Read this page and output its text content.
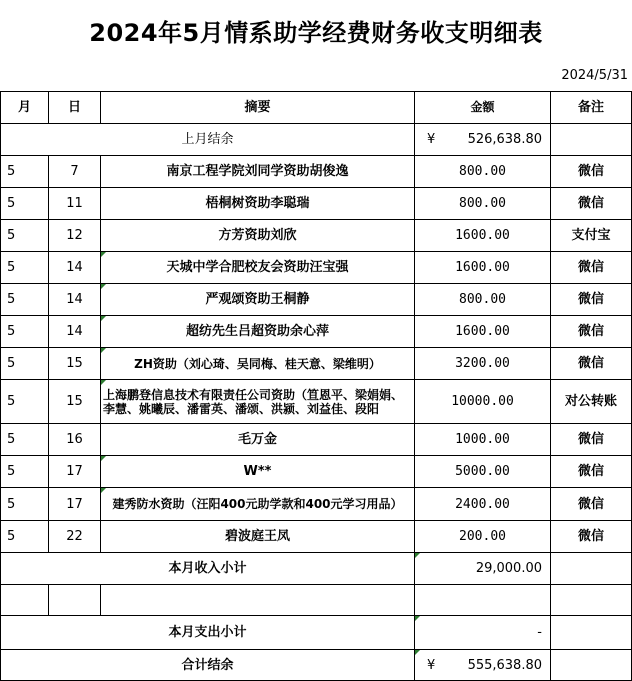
2024年5月情系助学经费财务收支明细表
2024/5/31
月	日	摘要	金额	备注
上月结余			¥ 526,638.80	
5	7	南京工程学院刘同学资助胡俊逸	800.00	微信
5	11	梧桐树资助李聪瑞	800.00	微信
5	12	方芳资助刘欣	1600.00	支付宝
5	14	天城中学合肥校友会资助汪宝强	1600.00	微信
5	14	严观颂资助王桐静	800.00	微信
5	14	超纺先生吕超资助余心萍	1600.00	微信
5	15	ZH资助（刘心琦、吴同梅、桂天意、梁维明）	3200.00	微信
5	15	上海鹏登信息技术有限责任公司资助（笪恩平、梁娟娟、李慧、姚曦辰、潘雷英、潘颂、洪颍、刘益佳、段阳	10000.00	对公转账
5	16	毛万金	1000.00	微信
5	17	W**	5000.00	微信
5	17	建秀防水资助（汪阳400元助学款和400元学习用品）	2400.00	微信
5	22	碧波庭王凤	200.00	微信
本月收入小计			29,000.00	

本月支出小计			-	
合计结余			¥ 555,638.80	
